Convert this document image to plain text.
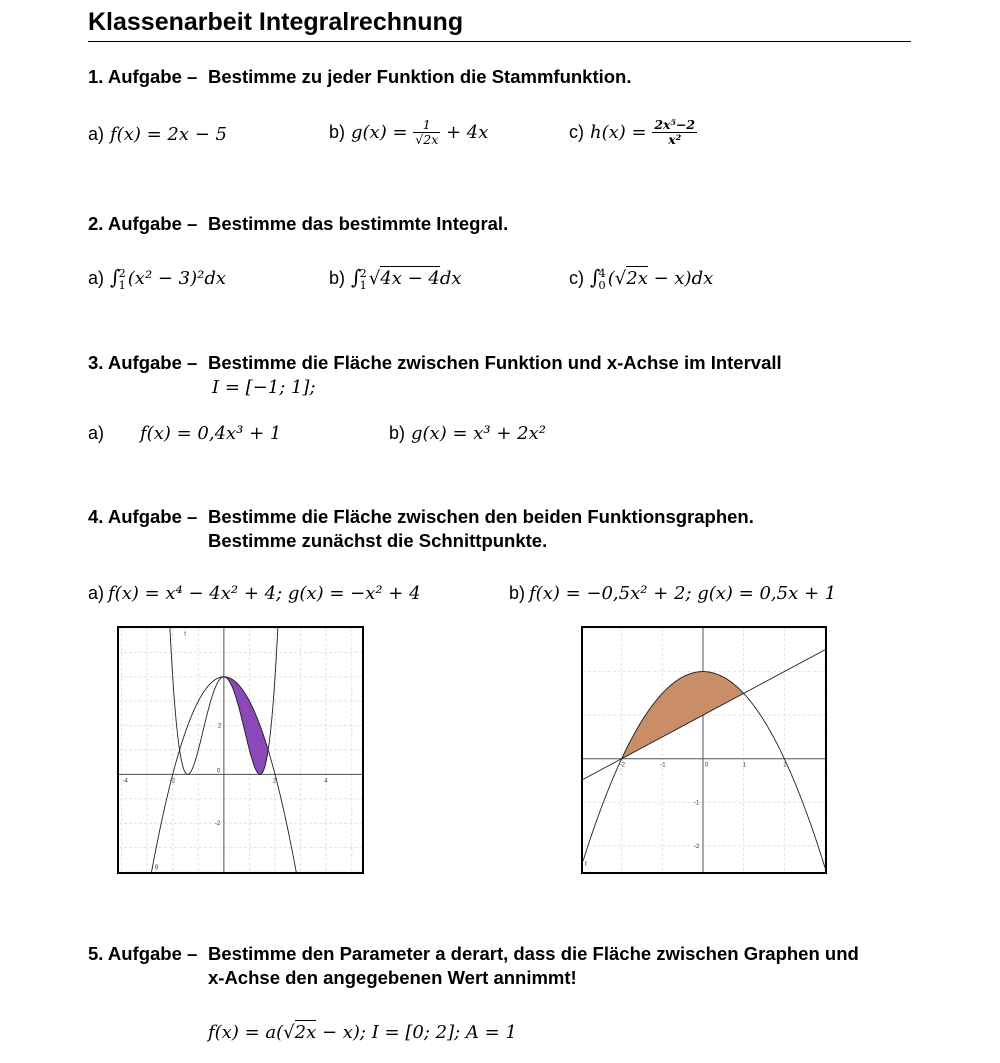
Klassenarbeit Integralrechnung
1. Aufgabe – Bestimme zu jeder Funktion die Stammfunktion.
a) f(x) = 2x − 5	b) $g(x) = \frac{1}{√2x} + 4x$	c) $h(x) = \frac{\text{2x⁵−2}}{\text{x²}}$
2. Aufgabe – Bestimme das bestimmte Integral.
a) ∫
2
1 (x² − 3)²dx	b) ∫
2
1 √4x − 4dx	c) ∫
4
0 (√2x − x)dx
3. Aufgabe – Bestimme die Fläche zwischen Funktion und x-Achse im Intervall
I = [−1; 1];
a) f(x) = 0,4x³ + 1	b) g(x) = x³ + 2x²
4. Aufgabe – Bestimme die Fläche zwischen den beiden Funktionsgraphen.
Bestimme zunächst die Schnittpunkte.
a) f(x) = x⁴ − 4x² + 4; g(x) = −x² + 4	b) f(x) = −0,5x² + 2; g(x) = 0,5x + 1
-4	-2
0
2	4
2
-2
f
g
-2	-1	0	1	2
-1
-2
f
5. Aufgabe – Bestimme den Parameter a derart, dass die Fläche zwischen Graphen und
x-Achse den angegebenen Wert annimmt!
f(x) = a(√2x − x); I = [0; 2]; A = 1
